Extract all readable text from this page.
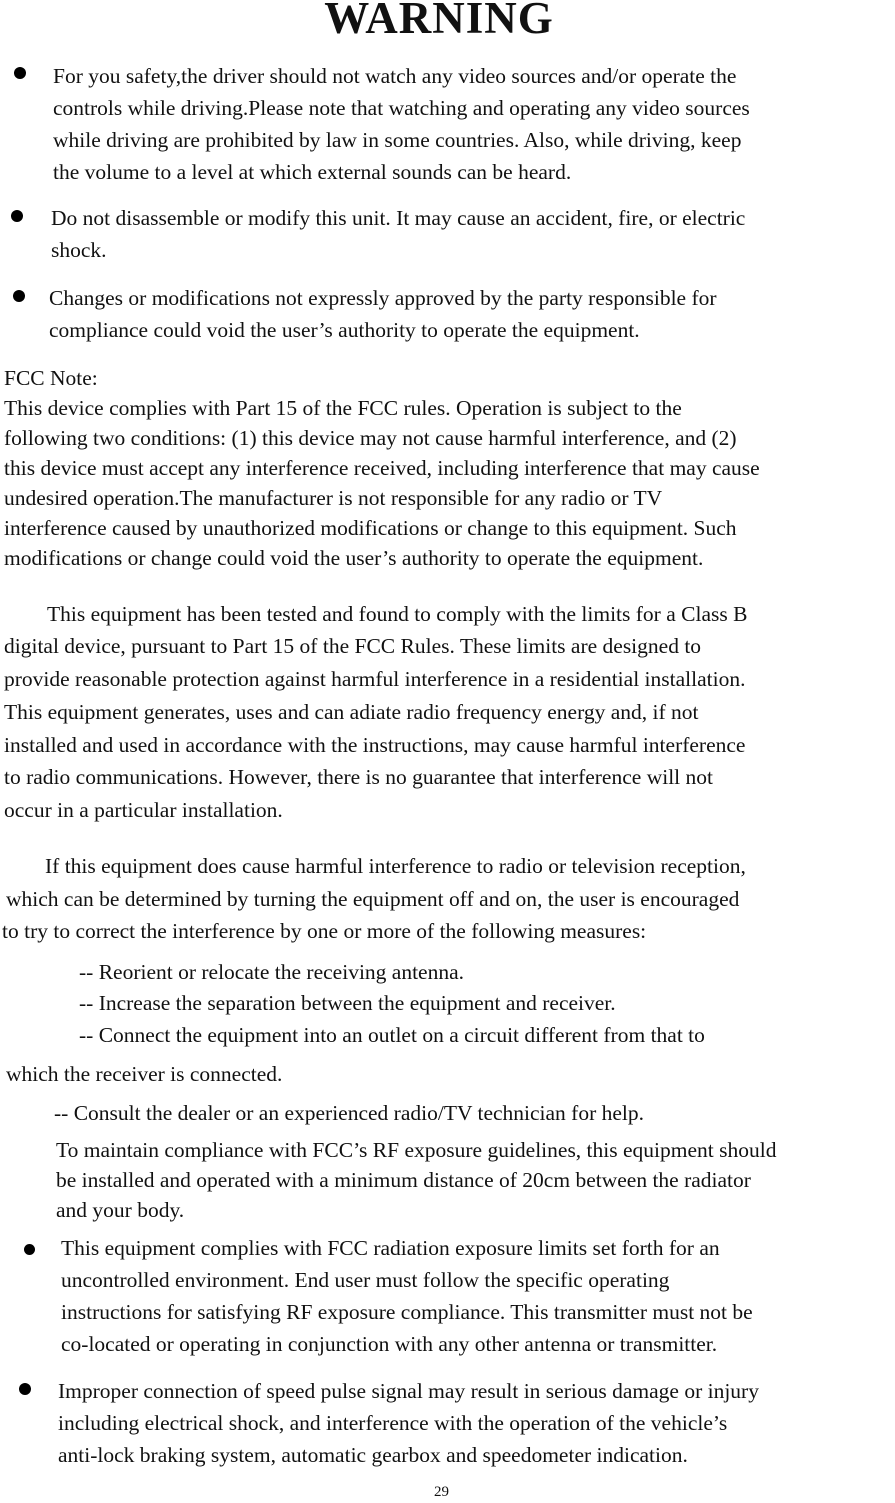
WARNING
For you safety,the driver should not watch any video sources and/or operate the
controls while driving.Please note that watching and operating any video sources
while driving are prohibited by law in some countries. Also, while driving, keep
the volume to a level at which external sounds can be heard.
Do not disassemble or modify this unit. It may cause an accident, fire, or electric
shock.
Changes or modifications not expressly approved by the party responsible for
compliance could void the user’s authority to operate the equipment.
FCC Note:
This device complies with Part 15 of the FCC rules. Operation is subject to the
following two conditions: (1) this device may not cause harmful interference, and (2)
this device must accept any interference received, including interference that may cause
undesired operation.The manufacturer is not responsible for any radio or TV
interference caused by unauthorized modifications or change to this equipment. Such
modifications or change could void the user’s authority to operate the equipment.
This equipment has been tested and found to comply with the limits for a Class B
digital device, pursuant to Part 15 of the FCC Rules. These limits are designed to
provide reasonable protection against harmful interference in a residential installation.
This equipment generates, uses and can adiate radio frequency energy and, if not
installed and used in accordance with the instructions, may cause harmful interference
to radio communications. However, there is no guarantee that interference will not
occur in a particular installation.
If this equipment does cause harmful interference to radio or television reception,
which can be determined by turning the equipment off and on, the user is encouraged
to try to correct the interference by one or more of the following measures:
-- Reorient or relocate the receiving antenna.
-- Increase the separation between the equipment and receiver.
-- Connect the equipment into an outlet on a circuit different from that to
which the receiver is connected.
-- Consult the dealer or an experienced radio/TV technician for help.
To maintain compliance with FCC’s RF exposure guidelines, this equipment should
be installed and operated with a minimum distance of 20cm between the radiator
and your body.
This equipment complies with FCC radiation exposure limits set forth for an
uncontrolled environment. End user must follow the specific operating
instructions for satisfying RF exposure compliance. This transmitter must not be
co-located or operating in conjunction with any other antenna or transmitter.
Improper connection of speed pulse signal may result in serious damage or injury
including electrical shock, and interference with the operation of the vehicle’s
anti-lock braking system, automatic gearbox and speedometer indication.
29
